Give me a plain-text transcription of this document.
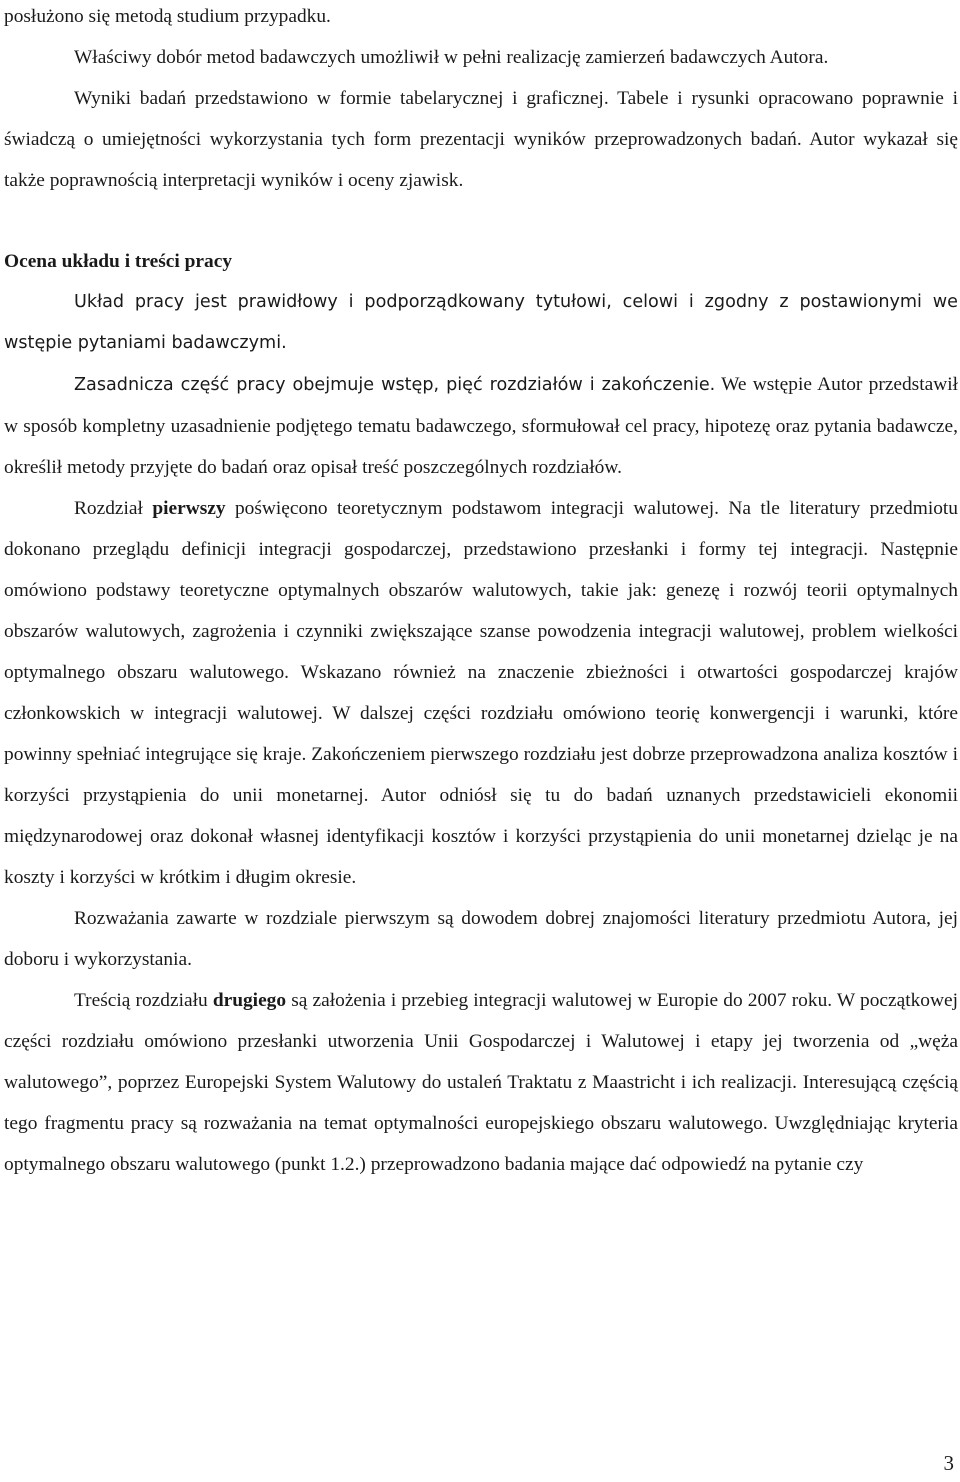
posłużono się metodą studium przypadku.

Właściwy dobór metod badawczych umożliwił w pełni realizację zamierzeń badawczych Autora.

Wyniki badań przedstawiono w formie tabelarycznej i graficznej. Tabele i rysunki opracowano poprawnie i świadczą o umiejętności wykorzystania tych form prezentacji wyników przeprowadzonych badań. Autor wykazał się także poprawnością interpretacji wyników i oceny zjawisk.

Ocena układu i treści pracy

Układ pracy jest prawidłowy i podporządkowany tytułowi, celowi i zgodny z postawionymi we wstępie pytaniami badawczymi.

Zasadnicza część pracy obejmuje wstęp, pięć rozdziałów i zakończenie. We wstępie Autor przedstawił w sposób kompletny uzasadnienie podjętego tematu badawczego, sformułował cel pracy, hipotezę oraz pytania badawcze, określił metody przyjęte do badań oraz opisał treść poszczególnych rozdziałów.

Rozdział pierwszy poświęcono teoretycznym podstawom integracji walutowej. Na tle literatury przedmiotu dokonano przeglądu definicji integracji gospodarczej, przedstawiono przesłanki i formy tej integracji. Następnie omówiono podstawy teoretyczne optymalnych obszarów walutowych, takie jak: genezę i rozwój teorii optymalnych obszarów walutowych, zagrożenia i czynniki zwiększające szanse powodzenia integracji walutowej, problem wielkości optymalnego obszaru walutowego. Wskazano również na znaczenie zbieżności i otwartości gospodarczej krajów członkowskich w integracji walutowej. W dalszej części rozdziału omówiono teorię konwergencji i warunki, które powinny spełniać integrujące się kraje. Zakończeniem pierwszego rozdziału jest dobrze przeprowadzona analiza kosztów i korzyści przystąpienia do unii monetarnej. Autor odniósł się tu do badań uznanych przedstawicieli ekonomii międzynarodowej oraz dokonał własnej identyfikacji kosztów i korzyści przystąpienia do unii monetarnej dzieląc je na koszty i korzyści w krótkim i długim okresie.

Rozważania zawarte w rozdziale pierwszym są dowodem dobrej znajomości literatury przedmiotu Autora, jej doboru i wykorzystania.

Treścią rozdziału drugiego są założenia i przebieg integracji walutowej w Europie do 2007 roku. W początkowej części rozdziału omówiono przesłanki utworzenia Unii Gospodarczej i Walutowej i etapy jej tworzenia od „węża walutowego”, poprzez Europejski System Walutowy do ustaleń Traktatu z Maastricht i ich realizacji. Interesującą częścią tego fragmentu pracy są rozważania na temat optymalności europejskiego obszaru walutowego. Uwzględniając kryteria optymalnego obszaru walutowego (punkt 1.2.) przeprowadzono badania mające dać odpowiedź na pytanie czy

3
